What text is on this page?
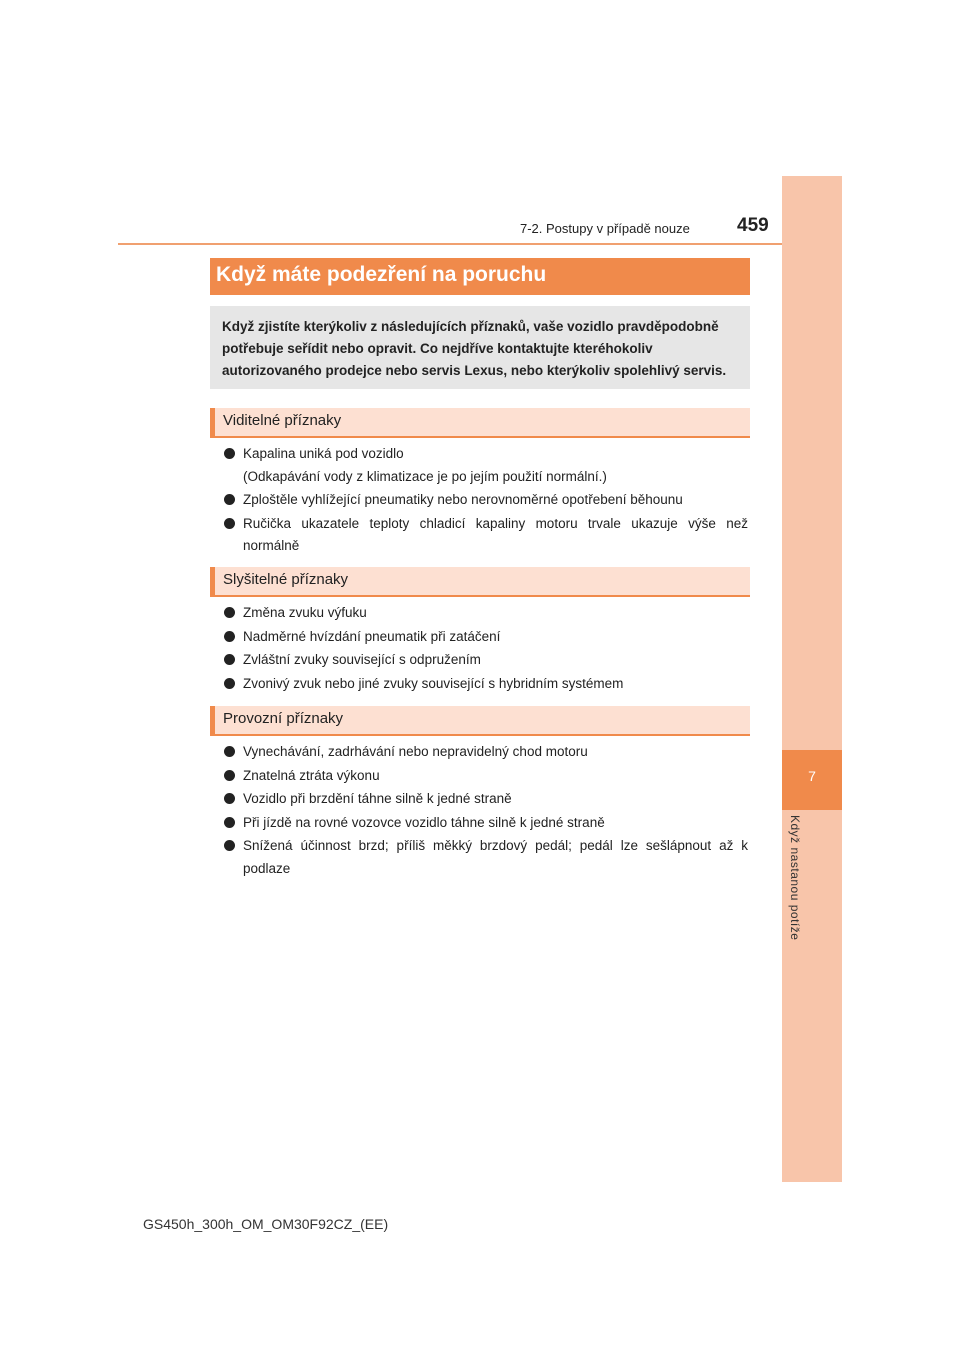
7-2. Postupy v případě nouze 459
7
Když nastanou potíže
Když máte podezření na poruchu

Když zjistíte kterýkoliv z následujících příznaků, vaše vozidlo pravděpodobně potřebuje seřídit nebo opravit. Co nejdříve kontaktujte kteréhokoliv autorizovaného prodejce nebo servis Lexus, nebo kterýkoliv spolehlivý servis.

Viditelné příznaky
Kapalina uniká pod vozidlo
(Odkapávání vody z klimatizace je po jejím použití normální.)
Zploštěle vyhlížející pneumatiky nebo nerovnoměrné opotřebení běhounu
Ručička ukazatele teploty chladicí kapaliny motoru trvale ukazuje výše než normálně
Slyšitelné příznaky
Změna zvuku výfuku
Nadměrné hvízdání pneumatik při zatáčení
Zvláštní zvuky související s odpružením
Zvonivý zvuk nebo jiné zvuky související s hybridním systémem
Provozní příznaky
Vynechávání, zadrhávání nebo nepravidelný chod motoru
Znatelná ztráta výkonu
Vozidlo při brzdění táhne silně k jedné straně
Při jízdě na rovné vozovce vozidlo táhne silně k jedné straně
Snížená účinnost brzd; příliš měkký brzdový pedál; pedál lze sešlápnout až k podlaze
GS450h_300h_OM_OM30F92CZ_(EE)
